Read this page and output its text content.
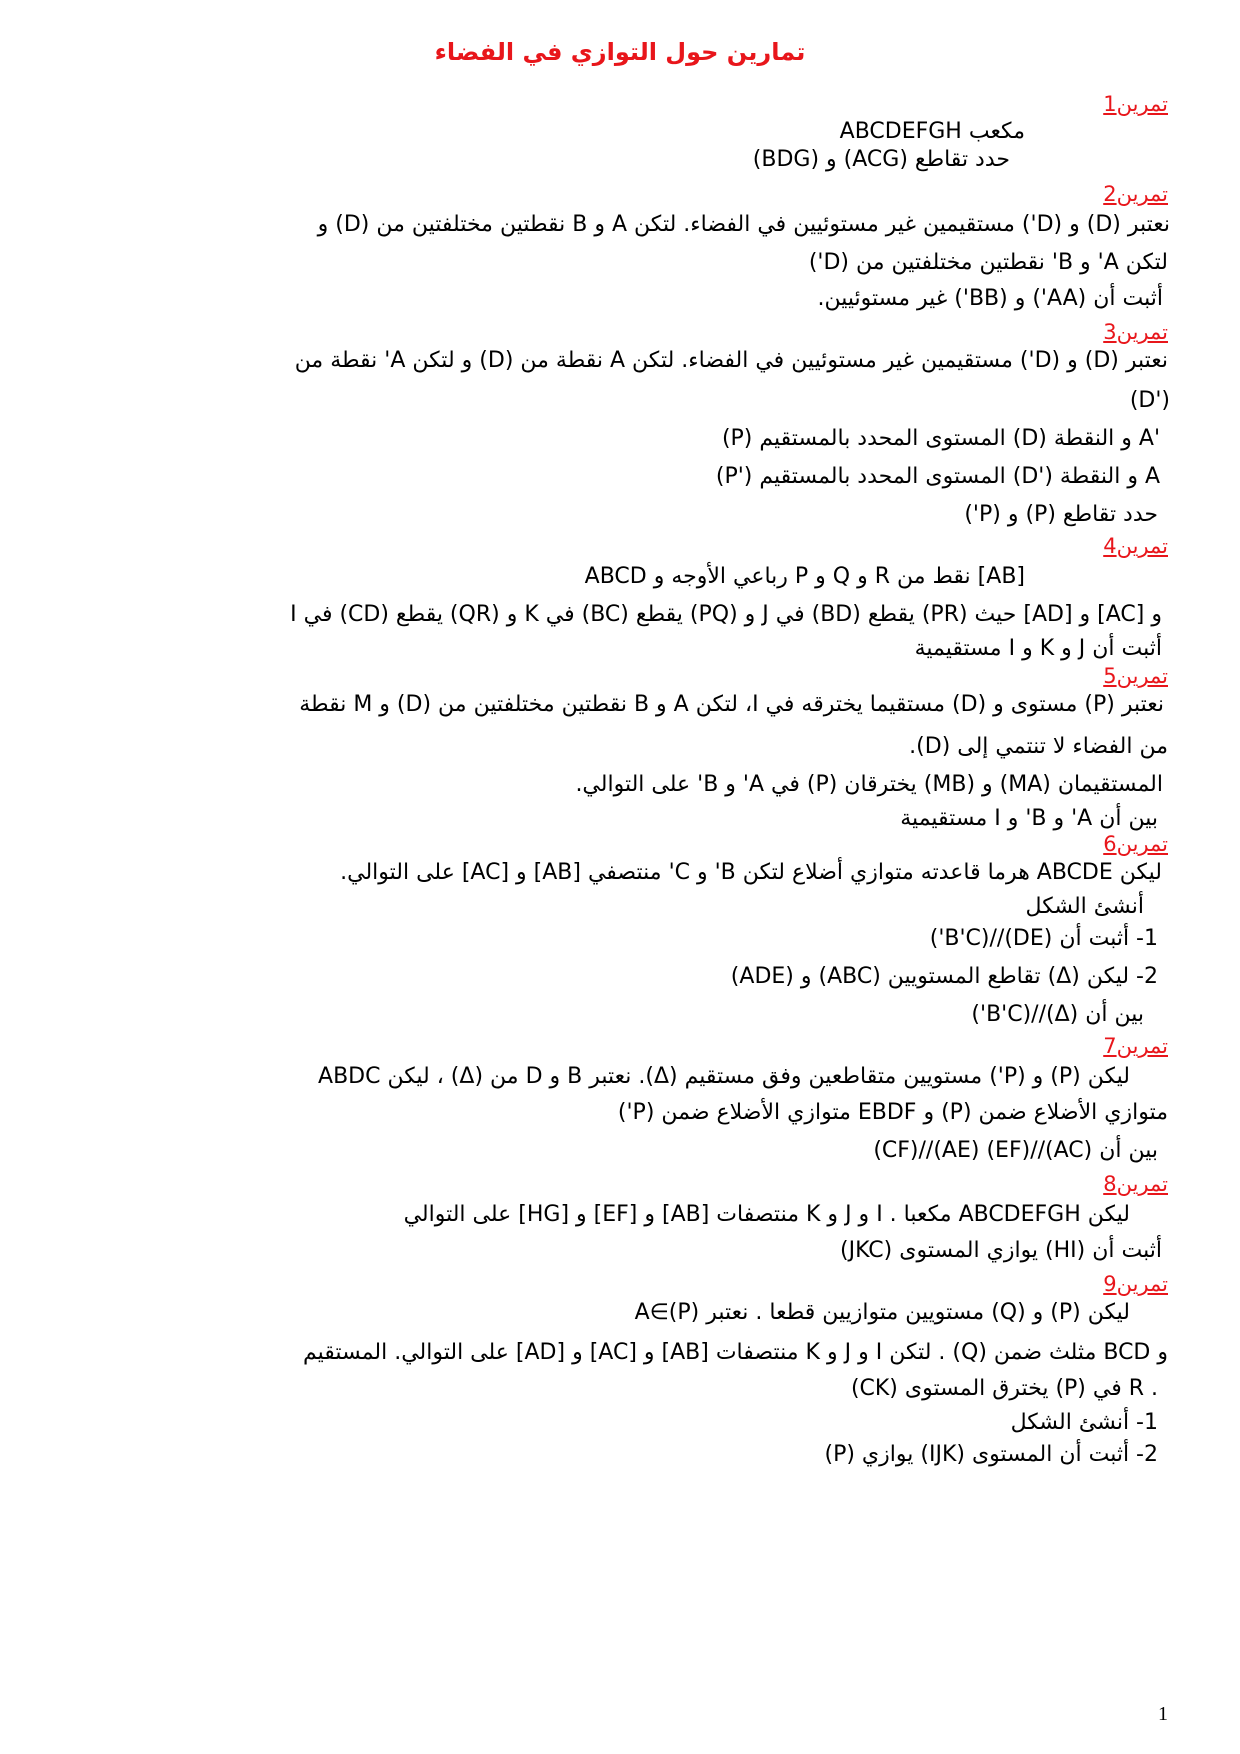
تمارين حول التوازي في الفضاء
تمرين1
ABCDEFGH مكعب
حدد تقاطع (ACG) و (BDG)
تمرين2
نعتبر (D) و (D') مستقيمين غير مستوئيين في الفضاء. لتكن A و B نقطتين مختلفتين من (D) و
لتكن A' و B' نقطتين مختلفتين من (D')
أثبت أن (AA') و (BB') غير مستوئيين.
تمرين3
نعتبر (D) و (D') مستقيمين غير مستوئيين في الفضاء. لتكن A نقطة من (D) و لتكن A' نقطة من
(D')
(P) المستوى المحدد بالمستقيم (D) و النقطة A'
(P') المستوى المحدد بالمستقيم (D') و النقطة A
حدد تقاطع (P) و (P')
تمرين4
ABCD رباعي الأوجه و P و Q و R نقط من [AB]
و [AC] و [AD] حيث (PR) يقطع (BD) في J و (PQ) يقطع (BC) في K و (QR) يقطع (CD) في I
أثبت أن J و K و I مستقيمية
تمرين5
نعتبر (P) مستوى و (D) مستقيما يخترقه في I، لتكن A و B نقطتين مختلفتين من (D) و M نقطة
من الفضاء لا تنتمي إلى (D).
المستقيمان (MA) و (MB) يخترقان (P) في A' و B' على التوالي.
بين أن A' و B' و I مستقيمية
تمرين6
ليكن ABCDE هرما قاعدته متوازي أضلاع لتكن B' و C' منتصفي [AB] و [AC] على التوالي.
أنشئ الشكل
1- أثبت أن (DE)//(B'C')
2- ليكن (Δ) تقاطع المستويين (ABC) و (ADE)
بين أن (Δ)//(B'C')
تمرين7
ليكن (P) و (P') مستويين متقاطعين وفق مستقيم (Δ). نعتبر B و D من (Δ) ، ليكن ABDC
متوازي الأضلاع ضمن (P) و EBDF متوازي الأضلاع ضمن (P')
بين أن (AC)//(EF) (AE)//(CF)
تمرين8
ليكن ABCDEFGH مكعبا . I و J و K منتصفات [AB] و [EF] و [HG] على التوالي
أثبت أن (HI) يوازي المستوى (JKC)
تمرين9
ليكن (P) و (Q) مستويين متوازيين قطعا . نعتبر A∈(P)
و BCD مثلث ضمن (Q) . لتكن I و J و K منتصفات [AB] و [AC] و [AD] على التوالي. المستقيم
(CK) يخترق المستوى (P) في R .
1- أنشئ الشكل
2- أثبت أن المستوى (IJK) يوازي (P)
1
